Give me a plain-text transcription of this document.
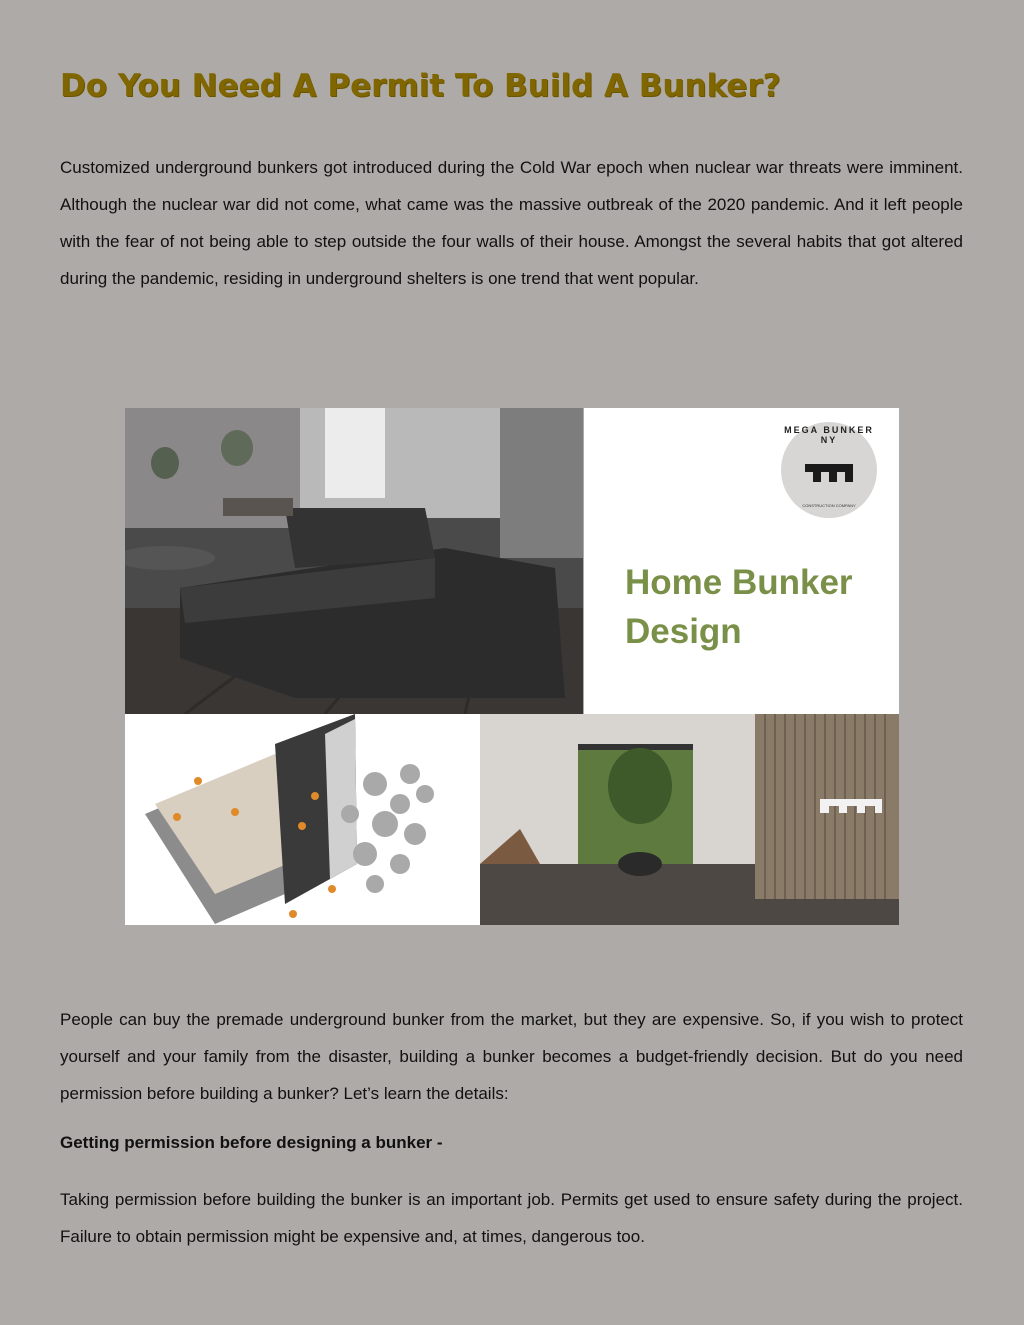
Do You Need A Permit To Build A Bunker?
Customized underground bunkers got introduced during the Cold War epoch when nuclear war threats were imminent. Although the nuclear war did not come, what came was the massive outbreak of the 2020 pandemic. And it left people with the fear of not being able to step outside the four walls of their house. Amongst the several habits that got altered during the pandemic, residing in underground shelters is one trend that went popular.
MEGA BUNKER NY
CONSTRUCTION COMPANY
Home Bunker Design
People can buy the premade underground bunker from the market, but they are expensive. So, if you wish to protect yourself and your family from the disaster, building a bunker becomes a budget-friendly decision. But do you need permission before building a bunker? Let’s learn the details:
Getting permission before designing a bunker -
Taking permission before building the bunker is an important job. Permits get used to ensure safety during the project. Failure to obtain permission might be expensive and, at times, dangerous too.
